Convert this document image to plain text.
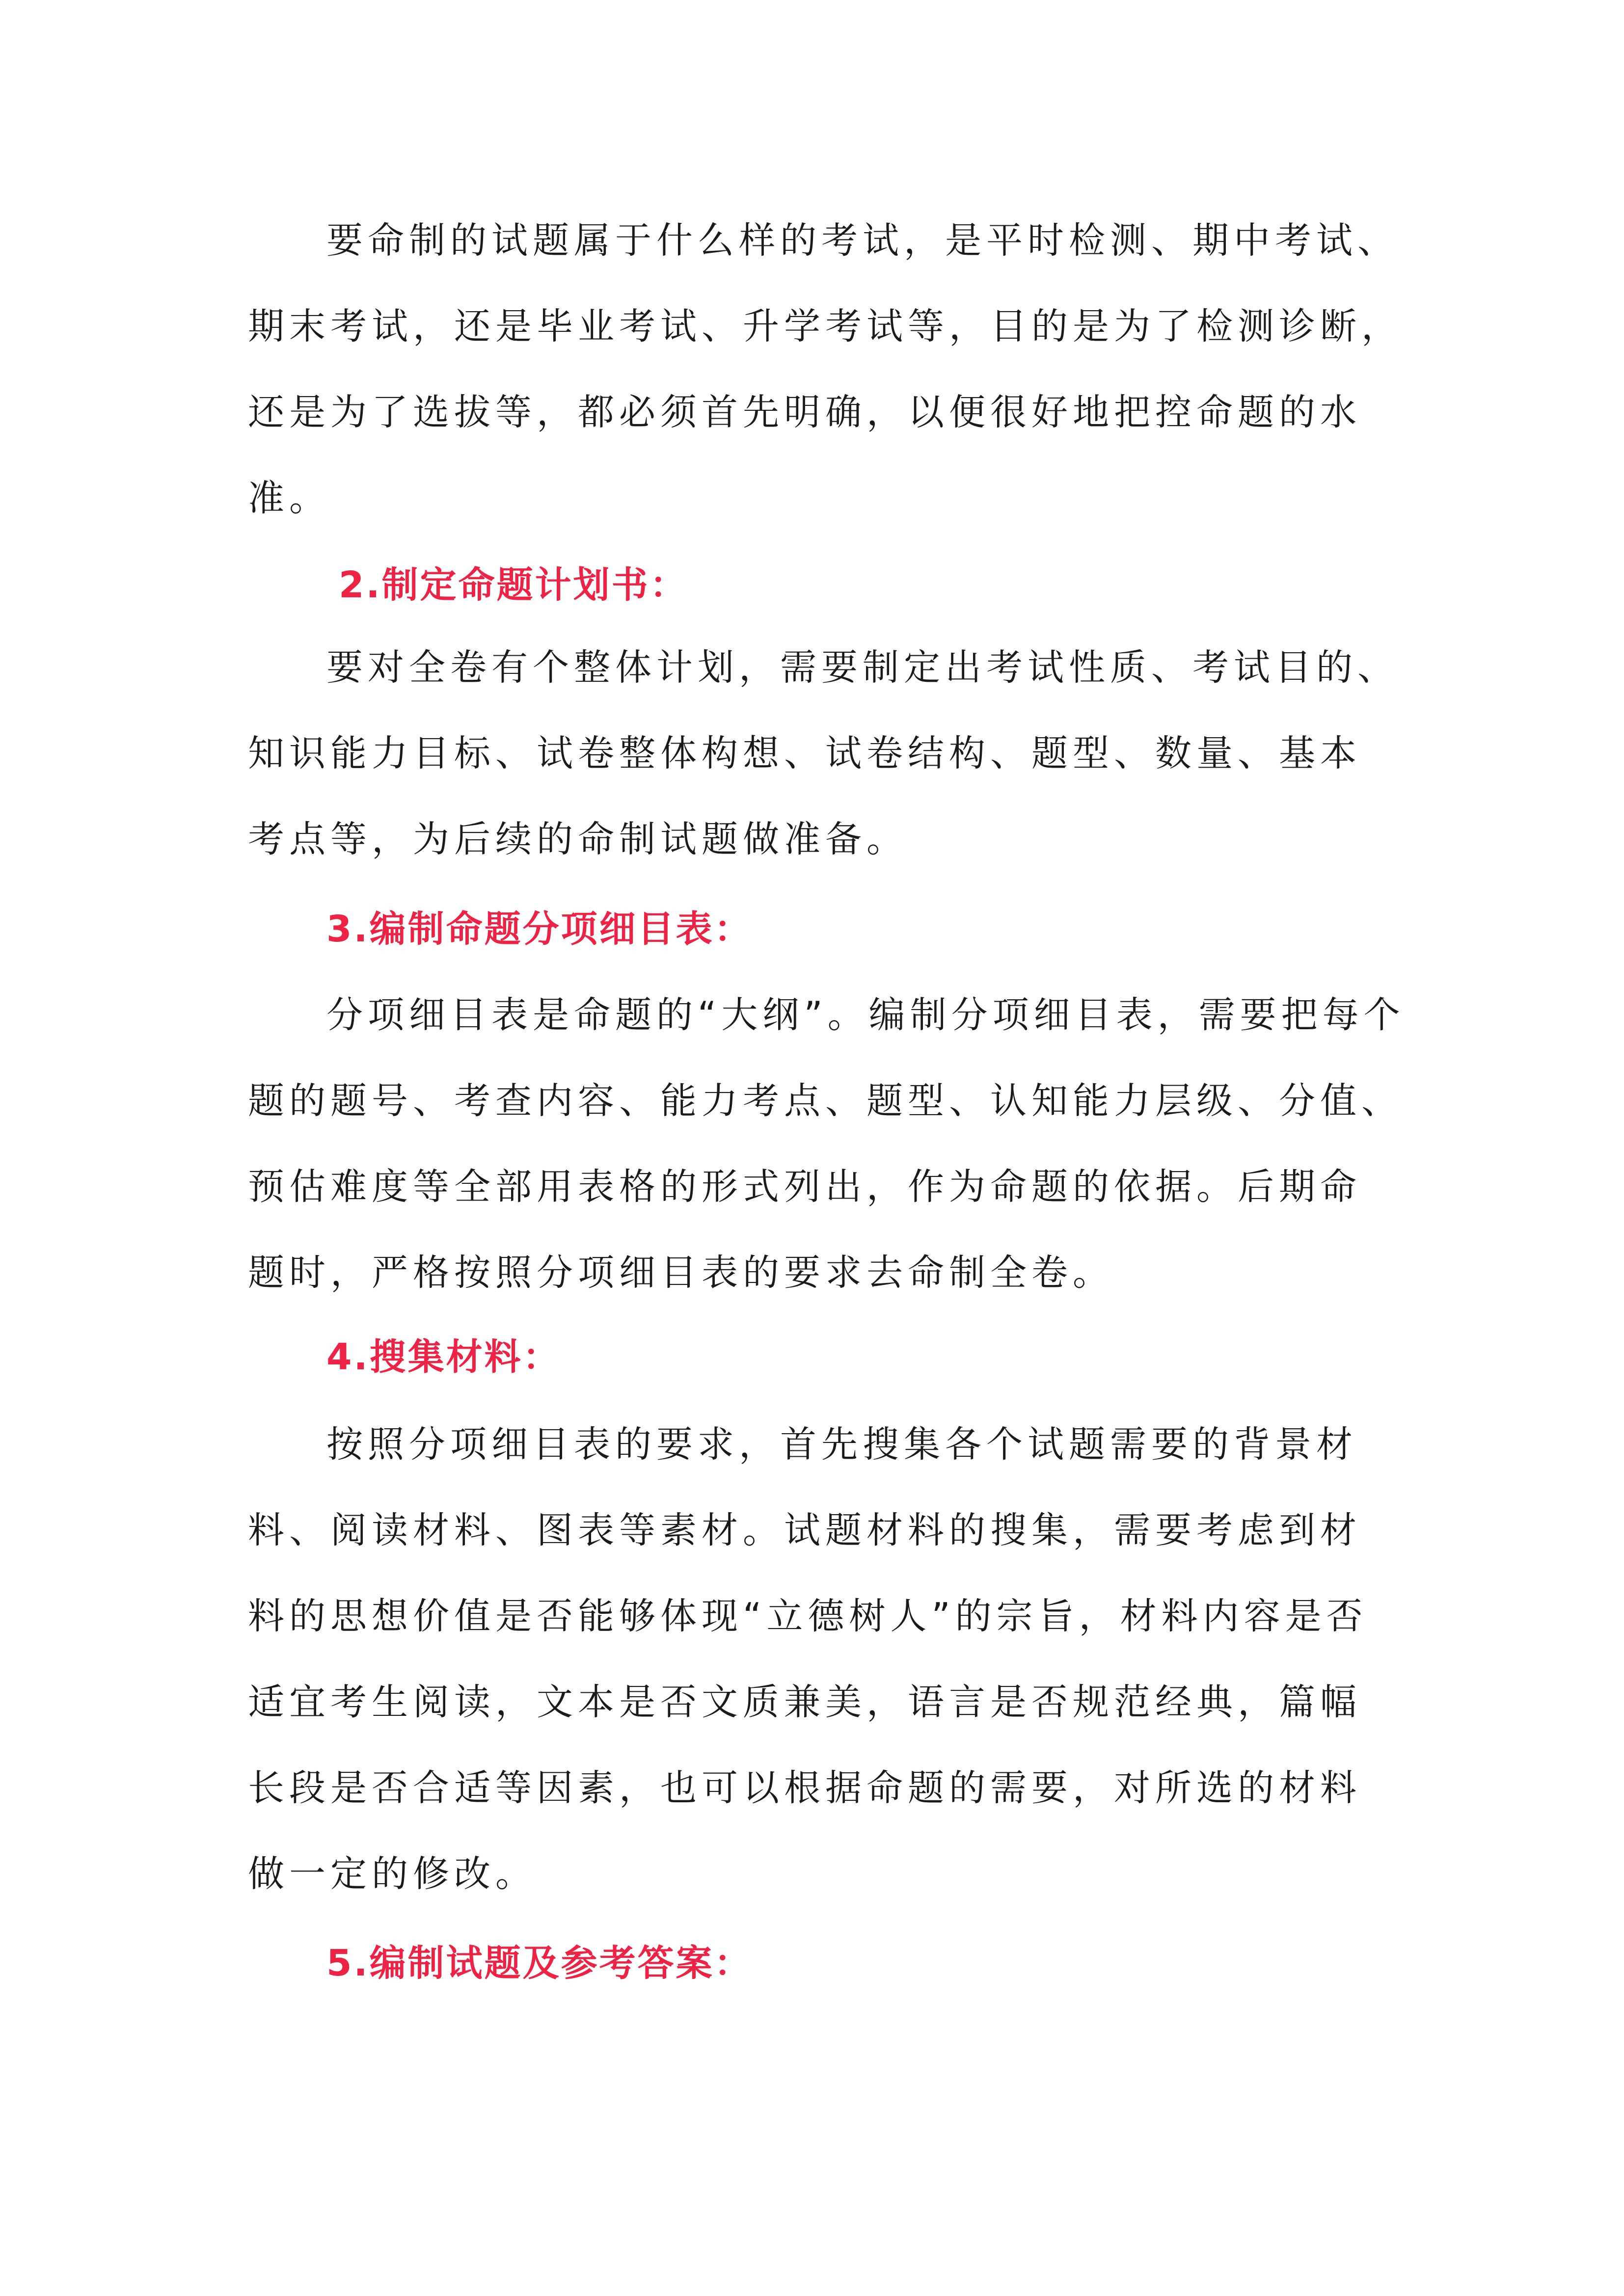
要命制的试题属于什么样的考试，是平时检测、期中考试、

期末考试，还是毕业考试、升学考试等，目的是为了检测诊断，

还是为了选拔等，都必须首先明确，以便很好地把控命题的水

准。

2.制定命题计划书：

要对全卷有个整体计划，需要制定出考试性质、考试目的、

知识能力目标、试卷整体构想、试卷结构、题型、数量、基本

考点等，为后续的命制试题做准备。

3.编制命题分项细目表：

分项细目表是命题的“大纲”。编制分项细目表，需要把每个

题的题号、考查内容、能力考点、题型、认知能力层级、分值、

预估难度等全部用表格的形式列出，作为命题的依据。后期命

题时，严格按照分项细目表的要求去命制全卷。

4.搜集材料：

按照分项细目表的要求，首先搜集各个试题需要的背景材

料、阅读材料、图表等素材。试题材料的搜集，需要考虑到材

料的思想价值是否能够体现“立德树人”的宗旨，材料内容是否

适宜考生阅读，文本是否文质兼美，语言是否规范经典，篇幅

长段是否合适等因素，也可以根据命题的需要，对所选的材料

做一定的修改。

5.编制试题及参考答案：
